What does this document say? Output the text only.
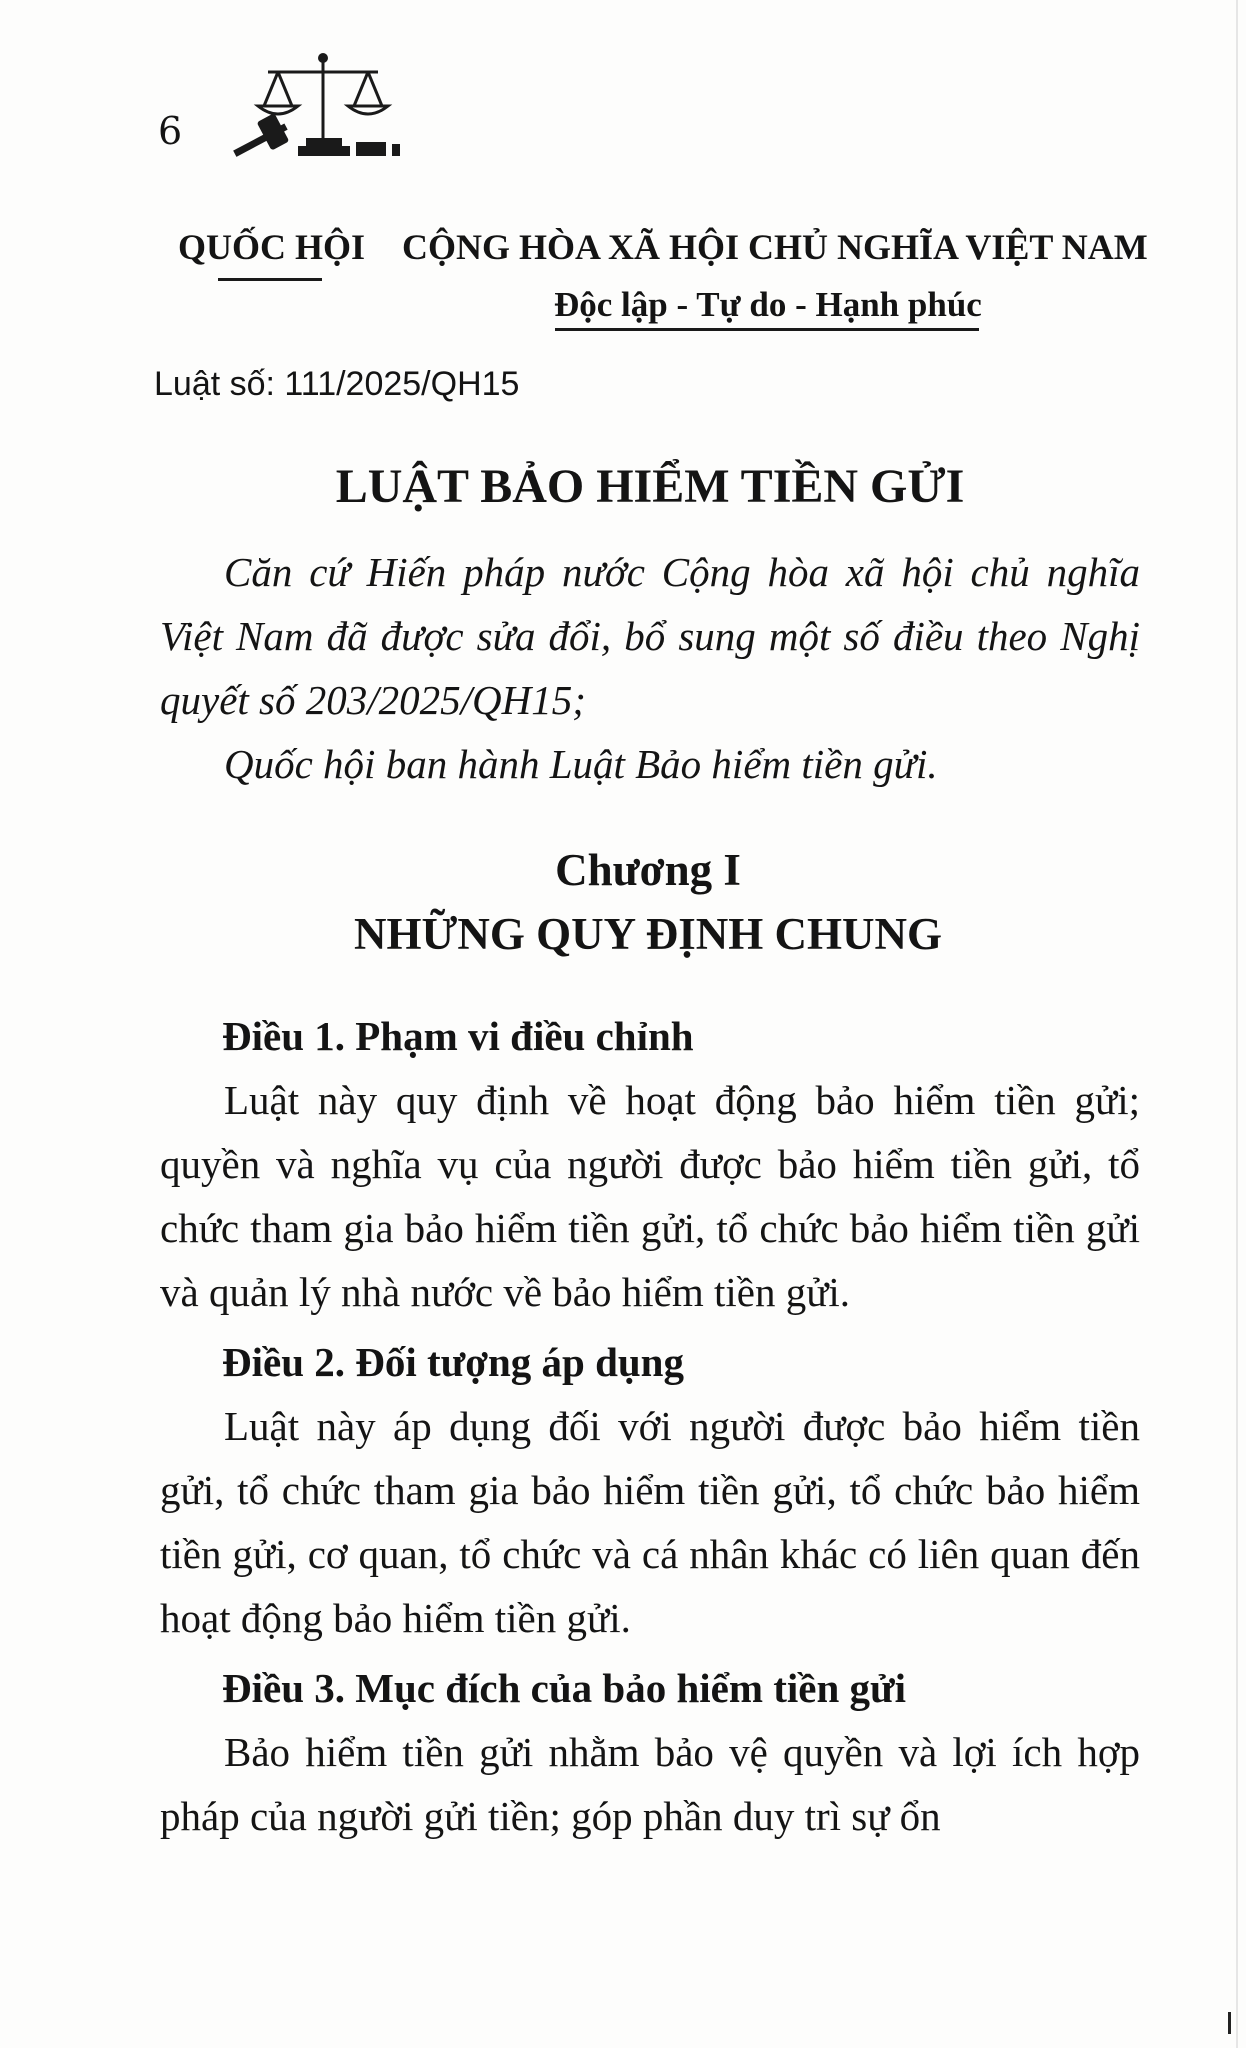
6
QUỐC HỘI CỘNG HÒA XÃ HỘI CHỦ NGHĨA VIỆT NAM
Độc lập - Tự do - Hạnh phúc
Luật số: 111/2025/QH15
LUẬT BẢO HIỂM TIỀN GỬI

Căn cứ Hiến pháp nước Cộng hòa xã hội chủ nghĩa Việt Nam đã được sửa đổi, bổ sung một số điều theo Nghị quyết số 203/2025/QH15;

Quốc hội ban hành Luật Bảo hiểm tiền gửi.

Chương I
NHỮNG QUY ĐỊNH CHUNG

Điều 1. Phạm vi điều chỉnh

Luật này quy định về hoạt động bảo hiểm tiền gửi; quyền và nghĩa vụ của người được bảo hiểm tiền gửi, tổ chức tham gia bảo hiểm tiền gửi, tổ chức bảo hiểm tiền gửi và quản lý nhà nước về bảo hiểm tiền gửi.

Điều 2. Đối tượng áp dụng

Luật này áp dụng đối với người được bảo hiểm tiền gửi, tổ chức tham gia bảo hiểm tiền gửi, tổ chức bảo hiểm tiền gửi, cơ quan, tổ chức và cá nhân khác có liên quan đến hoạt động bảo hiểm tiền gửi.

Điều 3. Mục đích của bảo hiểm tiền gửi

Bảo hiểm tiền gửi nhằm bảo vệ quyền và lợi ích hợp pháp của người gửi tiền; góp phần duy trì sự ổn
